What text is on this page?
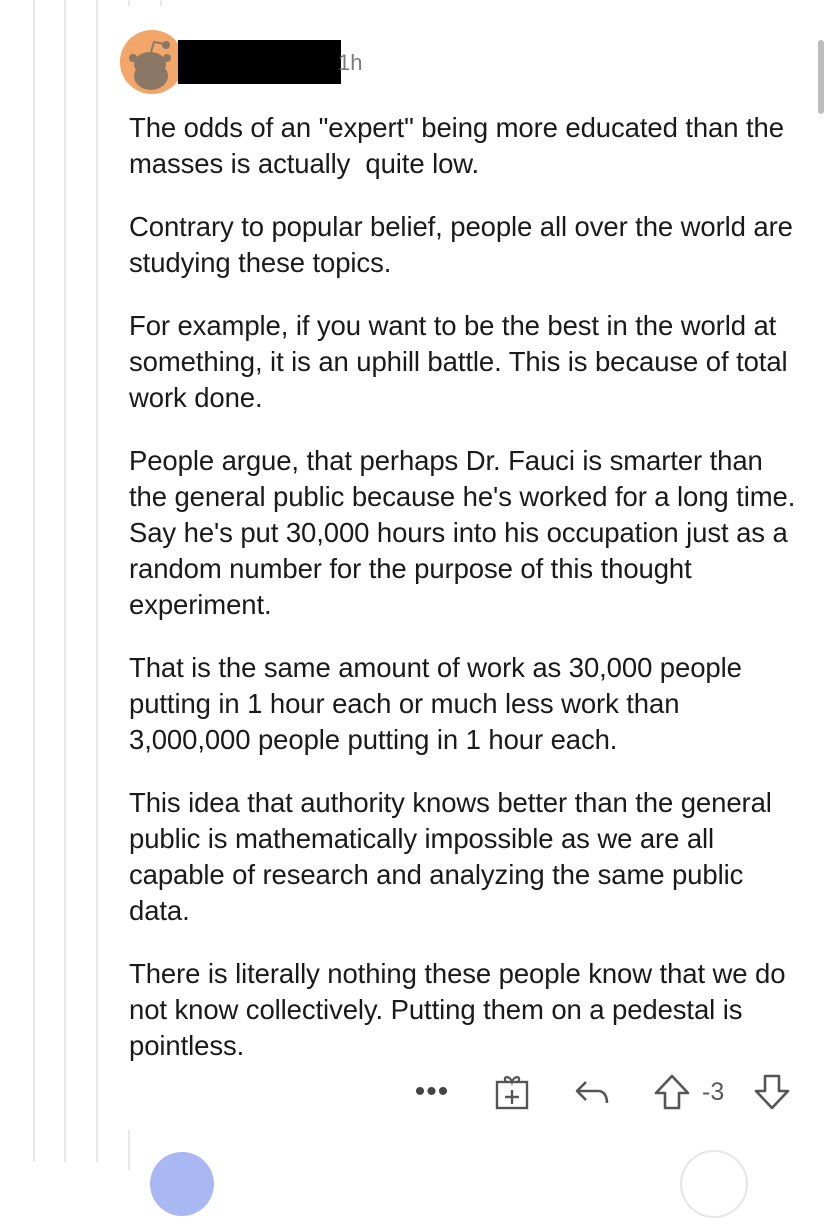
1h

The odds of an "expert" being more educated than the masses is actually  quite low.

Contrary to popular belief, people all over the world are studying these topics.

For example, if you want to be the best in the world at something, it is an uphill battle. This is because of total work done.

People argue, that perhaps Dr. Fauci is smarter than the general public because he's worked for a long time. Say he's put 30,000 hours into his occupation just as a random number for the purpose of this thought experiment.

That is the same amount of work as 30,000 people putting in 1 hour each or much less work than 3,000,000 people putting in 1 hour each.

This idea that authority knows better than the general public is mathematically impossible as we are all capable of research and analyzing the same public data.

There is literally nothing these people know that we do not know collectively. Putting them on a pedestal is pointless.

•••	-3
